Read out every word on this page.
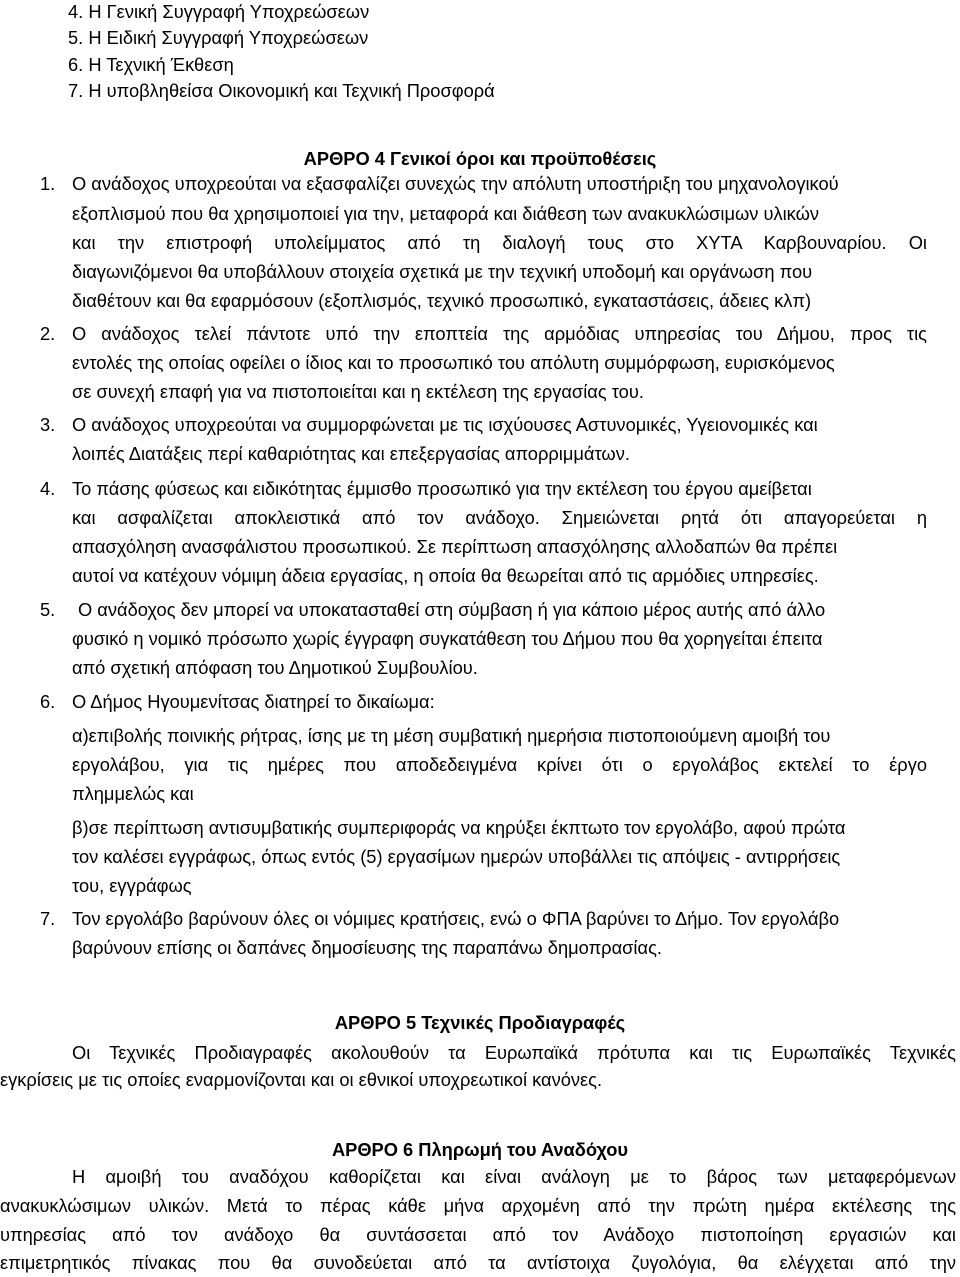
4. Η Γενική Συγγραφή Υποχρεώσεων
5. Η Ειδική Συγγραφή Υποχρεώσεων
6. Η Τεχνική Έκθεση
7. Η υποβληθείσα Οικονομική και Τεχνική Προσφορά
ΑΡΘΡΟ 4 Γενικοί όροι και προϋποθέσεις
1. Ο ανάδοχος υποχρεούται να εξασφαλίζει συνεχώς την απόλυτη υποστήριξη του μηχανολογικού
εξοπλισμού που θα χρησιμοποιεί για την, μεταφορά και διάθεση των ανακυκλώσιμων υλικών
και την επιστροφή υπολείμματος από τη διαλογή τους στο ΧΥΤΑ Καρβουναρίου. Οι
διαγωνιζόμενοι θα υποβάλλουν στοιχεία σχετικά με την τεχνική υποδομή και οργάνωση που
διαθέτουν και θα εφαρμόσουν (εξοπλισμός, τεχνικό προσωπικό, εγκαταστάσεις, άδειες κλπ)
2. Ο ανάδοχος τελεί πάντοτε υπό την εποπτεία της αρμόδιας υπηρεσίας του Δήμου, προς τις
εντολές της οποίας οφείλει ο ίδιος και το προσωπικό του απόλυτη συμμόρφωση, ευρισκόμενος
σε συνεχή επαφή για να πιστοποιείται και η εκτέλεση της εργασίας του.
3. Ο ανάδοχος υποχρεούται να συμμορφώνεται με τις ισχύουσες Αστυνομικές, Υγειονομικές και
λοιπές Διατάξεις περί καθαριότητας και επεξεργασίας απορριμμάτων.
4. Το πάσης φύσεως και ειδικότητας έμμισθο προσωπικό για την εκτέλεση του έργου αμείβεται
και ασφαλίζεται αποκλειστικά από τον ανάδοχο. Σημειώνεται ρητά ότι απαγορεύεται η
απασχόληση ανασφάλιστου προσωπικού. Σε περίπτωση απασχόλησης αλλοδαπών θα πρέπει
αυτοί να κατέχουν νόμιμη άδεια εργασίας, η οποία θα θεωρείται από τις αρμόδιες υπηρεσίες.
5. Ο ανάδοχος δεν μπορεί να υποκατασταθεί στη σύμβαση ή για κάποιο μέρος αυτής από άλλο
φυσικό η νομικό πρόσωπο χωρίς έγγραφη συγκατάθεση του Δήμου που θα χορηγείται έπειτα
από σχετική απόφαση του Δημοτικού Συμβουλίου.
6. Ο Δήμος Ηγουμενίτσας διατηρεί το δικαίωμα:
α)επιβολής ποινικής ρήτρας, ίσης με τη μέση συμβατική ημερήσια πιστοποιούμενη αμοιβή του
εργολάβου, για τις ημέρες που αποδεδειγμένα κρίνει ότι ο εργολάβος εκτελεί το έργο
πλημμελώς και
β)σε περίπτωση αντισυμβατικής συμπεριφοράς να κηρύξει έκπτωτο τον εργολάβο, αφού πρώτα
τον καλέσει εγγράφως, όπως εντός (5) εργασίμων ημερών υποβάλλει τις απόψεις - αντιρρήσεις
του, εγγράφως
7. Τον εργολάβο βαρύνουν όλες οι νόμιμες κρατήσεις, ενώ ο ΦΠΑ βαρύνει το Δήμο. Τον εργολάβο
βαρύνουν επίσης οι δαπάνες δημοσίευσης της παραπάνω δημοπρασίας.
ΑΡΘΡΟ 5 Τεχνικές Προδιαγραφές
Οι Τεχνικές Προδιαγραφές ακολουθούν τα Ευρωπαϊκά πρότυπα και τις Ευρωπαϊκές Τεχνικές
εγκρίσεις με τις οποίες εναρμονίζονται και οι εθνικοί υποχρεωτικοί κανόνες.
ΑΡΘΡΟ 6 Πληρωμή του Αναδόχου
Η αμοιβή του αναδόχου καθορίζεται και είναι ανάλογη με το βάρος των μεταφερόμενων
ανακυκλώσιμων υλικών. Μετά το πέρας κάθε μήνα αρχομένη από την πρώτη ημέρα εκτέλεσης της
υπηρεσίας από τον ανάδοχο θα συντάσσεται από τον Ανάδοχο πιστοποίηση εργασιών και
επιμετρητικός πίνακας που θα συνοδεύεται από τα αντίστοιχα ζυγολόγια, θα ελέγχεται από την
